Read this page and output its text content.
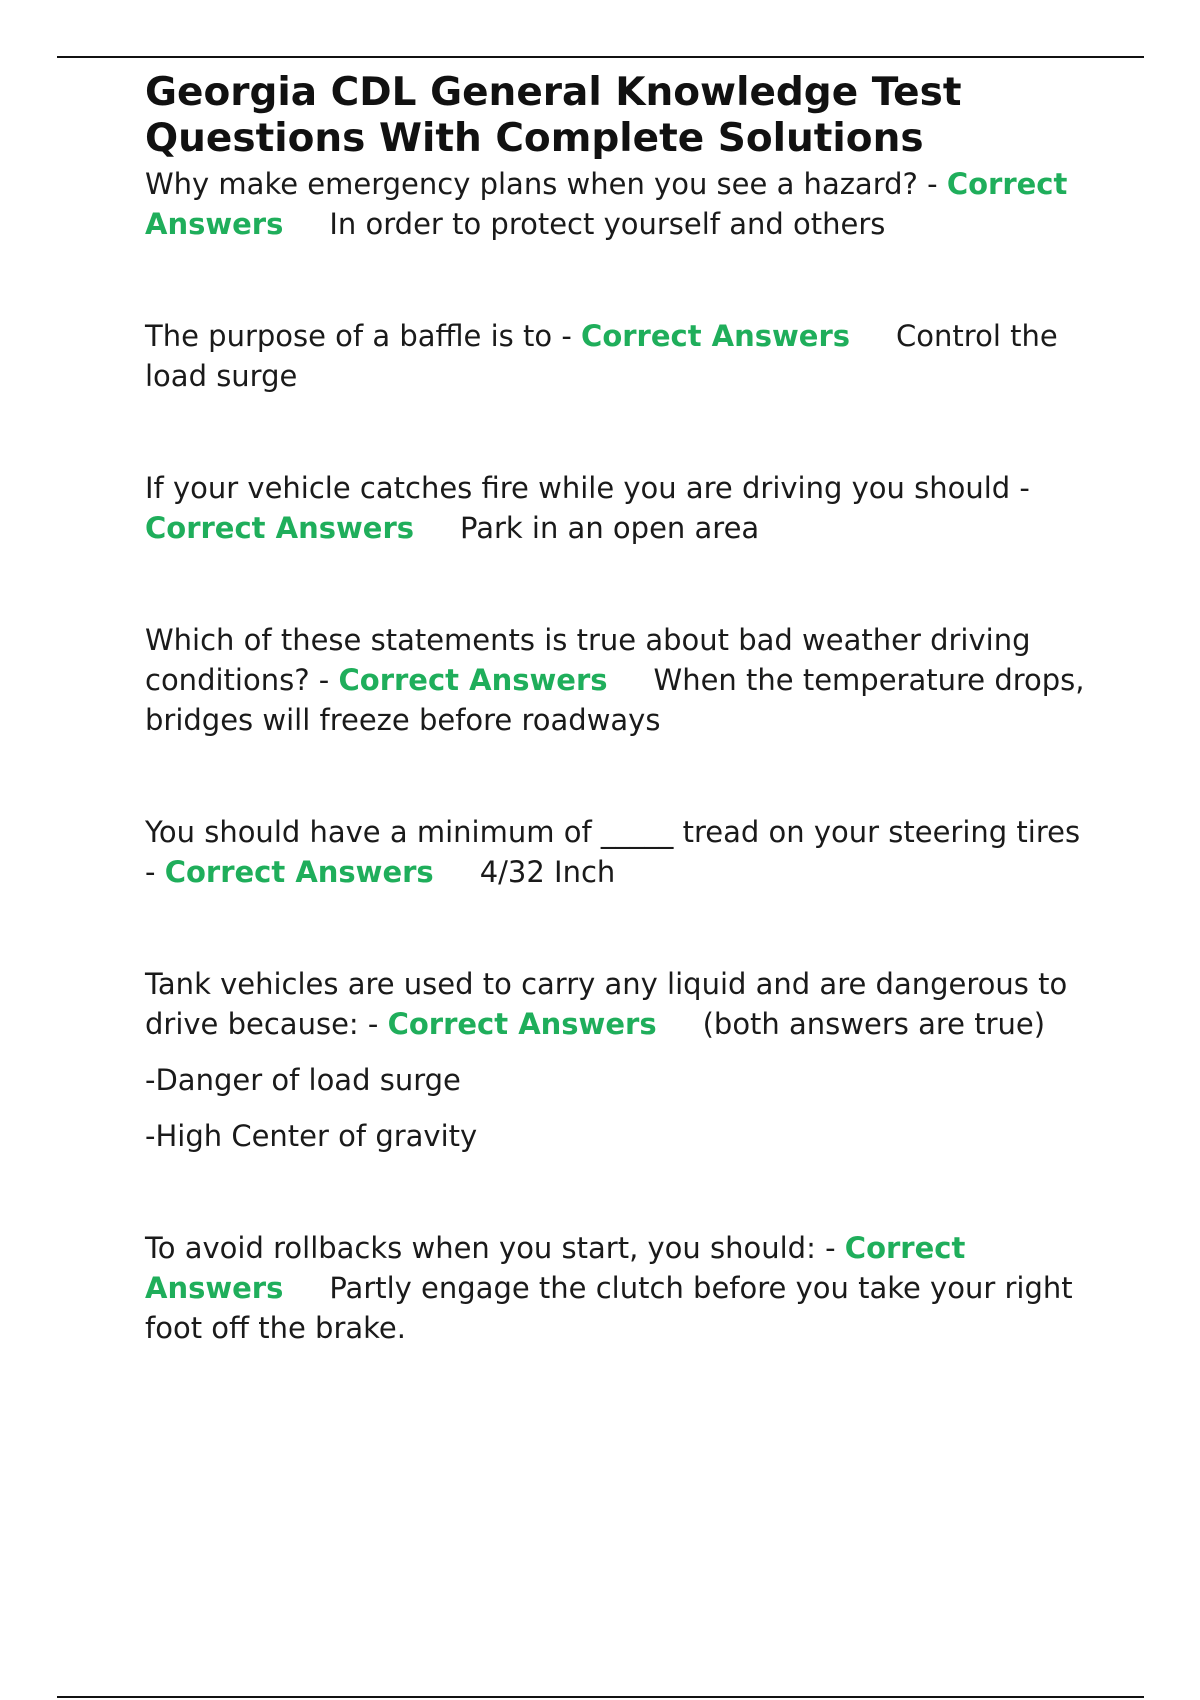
Georgia CDL General Knowledge Test Questions With Complete Solutions

Why make emergency plans when you see a hazard? - Correct Answers In order to protect yourself and others

The purpose of a baffle is to - Correct Answers Control the load surge

If your vehicle catches fire while you are driving you should - Correct Answers Park in an open area

Which of these statements is true about bad weather driving conditions? - Correct Answers When the temperature drops, bridges will freeze before roadways

You should have a minimum of _____ tread on your steering tires - Correct Answers 4/32 Inch

Tank vehicles are used to carry any liquid and are dangerous to drive because: - Correct Answers (both answers are true)

-Danger of load surge

-High Center of gravity

To avoid rollbacks when you start, you should: - Correct Answers Partly engage the clutch before you take your right foot off the brake.
